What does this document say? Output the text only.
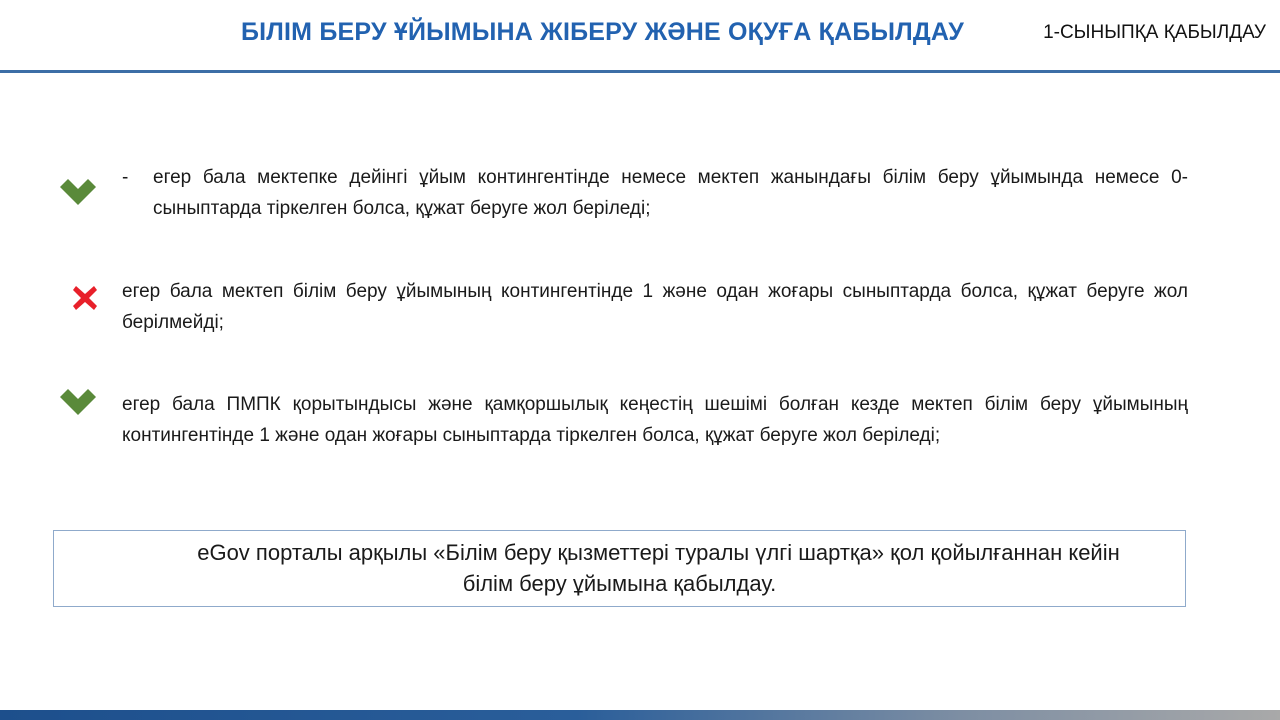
БІЛІМ БЕРУ ҰЙЫМЫНА ЖІБЕРУ ЖӘНЕ ОҚУҒА ҚАБЫЛДАУ	1-СЫНЫПҚА ҚАБЫЛДАУ
- егер бала мектепке дейінгі ұйым контингентінде немесе мектеп жанындағы білім беру ұйымында немесе 0-сыныптарда тіркелген болса, құжат беруге жол беріледі;

егер бала мектеп білім беру ұйымының контингентінде 1 және одан жоғары сыныптарда болса, құжат беруге жол берілмейді;

егер бала ПМПК қорытындысы және қамқоршылық кеңестің шешімі болған кезде мектеп білім беру ұйымының контингентінде 1 және одан жоғары сыныптарда тіркелген болса, құжат беруге жол беріледі;

eGov порталы арқылы «Білім беру қызметтері туралы үлгі шартқа» қол қойылғаннан кейін
білім беру ұйымына қабылдау.
